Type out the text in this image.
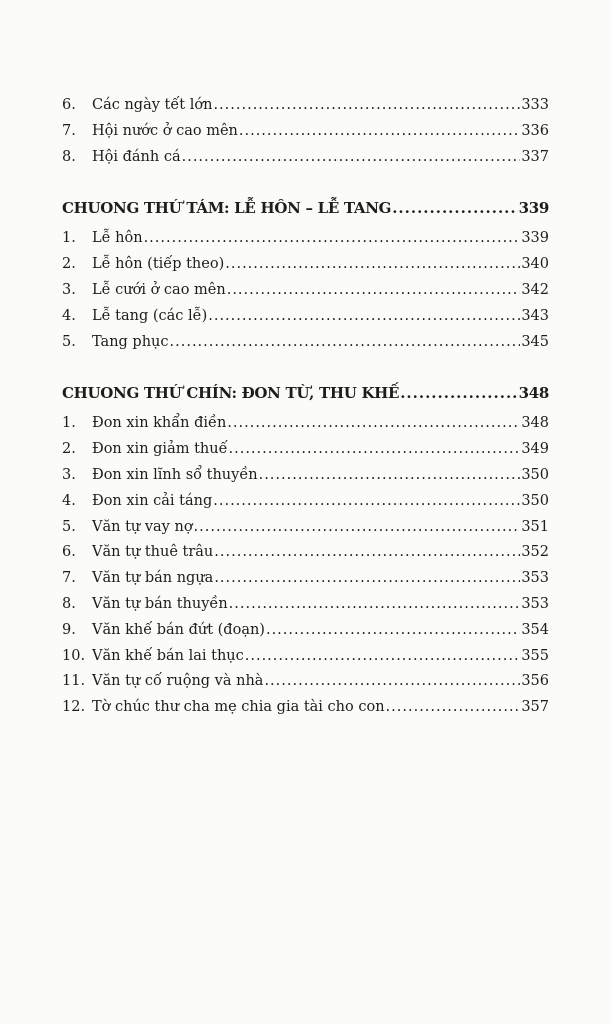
6.	Các ngày tết lớn .....	333
7.	Hội nước ở cao mên .....	336
8.	Hội đánh cá .....	337
CHUONG THỨ TÁM: LỄ HÔN – LỄ TANG .....	339
1.	Lễ hôn .....	339
2.	Lễ hôn (tiếp theo) .....	340
3.	Lễ cưới ở cao mên .....	342
4.	Lễ tang (các lễ) .....	343
5.	Tang phục .....	345
CHUONG THỨ CHÍN: ĐON TỪ, THU KHẾ .....	348
1.	Đon xin khẩn điền .....	348
2.	Đon xin giảm thuế .....	349
3.	Đon xin lĩnh sổ thuyền .....	350
4.	Đon xin cải táng .....	350
5.	Văn tự vay nợ .....	351
6.	Văn tự thuê trâu .....	352
7.	Văn tự bán ngựa .....	353
8.	Văn tự bán thuyền .....	353
9.	Văn khế bán đứt (đoạn) .....	354
10. Văn khế bán lai thục .....	355
11. Văn tự cố ruộng và nhà .....	356
12. Tờ chúc thư cha mẹ chia gia tài cho con .....	357
